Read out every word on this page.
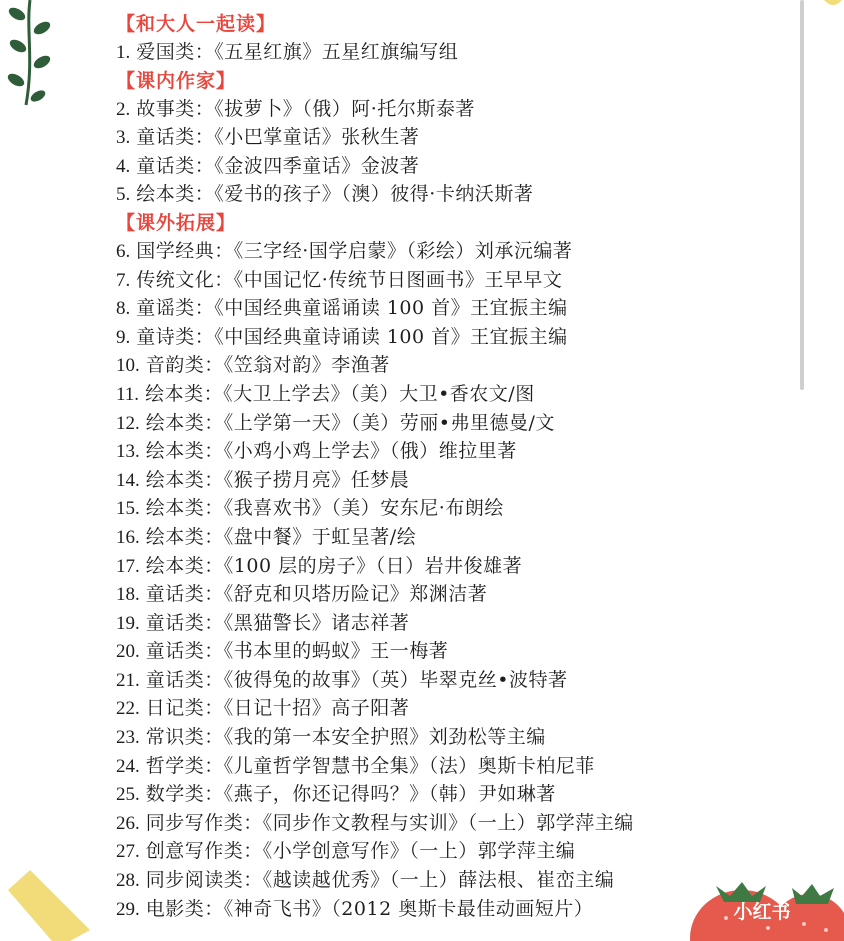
【和大人一起读】
1. 爱国类：《五星红旗》五星红旗编写组
【课内作家】
2. 故事类：《拔萝卜》（俄）阿·托尔斯泰著
3. 童话类：《小巴掌童话》张秋生著
4. 童话类：《金波四季童话》金波著
5. 绘本类：《爱书的孩子》（澳）彼得·卡纳沃斯著
【课外拓展】
6. 国学经典：《三字经·国学启蒙》（彩绘）刘承沅编著
7. 传统文化：《中国记忆·传统节日图画书》王早早文
8. 童谣类：《中国经典童谣诵读 100 首》王宜振主编
9. 童诗类：《中国经典童诗诵读 100 首》王宜振主编
10. 音韵类：《笠翁对韵》李渔著
11. 绘本类：《大卫上学去》（美）大卫•香农文/图
12. 绘本类：《上学第一天》（美）劳丽•弗里德曼/文
13. 绘本类：《小鸡小鸡上学去》（俄）维拉里著
14. 绘本类：《猴子捞月亮》任梦晨
15. 绘本类：《我喜欢书》（美）安东尼·布朗绘
16. 绘本类：《盘中餐》于虹呈著/绘
17. 绘本类：《100 层的房子》（日）岩井俊雄著
18. 童话类：《舒克和贝塔历险记》郑渊洁著
19. 童话类：《黑猫警长》诸志祥著
20. 童话类：《书本里的蚂蚁》王一梅著
21. 童话类：《彼得兔的故事》（英）毕翠克丝•波特著
22. 日记类：《日记十招》高子阳著
23. 常识类：《我的第一本安全护照》刘劲松等主编
24. 哲学类：《儿童哲学智慧书全集》（法）奥斯卡柏尼菲
25. 数学类：《燕子，你还记得吗？》（韩）尹如琳著
26. 同步写作类：《同步作文教程与实训》（一上）郭学萍主编
27. 创意写作类：《小学创意写作》（一上）郭学萍主编
28. 同步阅读类：《越读越优秀》（一上）薛法根、崔峦主编
29. 电影类：《神奇飞书》（2012 奥斯卡最佳动画短片）	小红书
